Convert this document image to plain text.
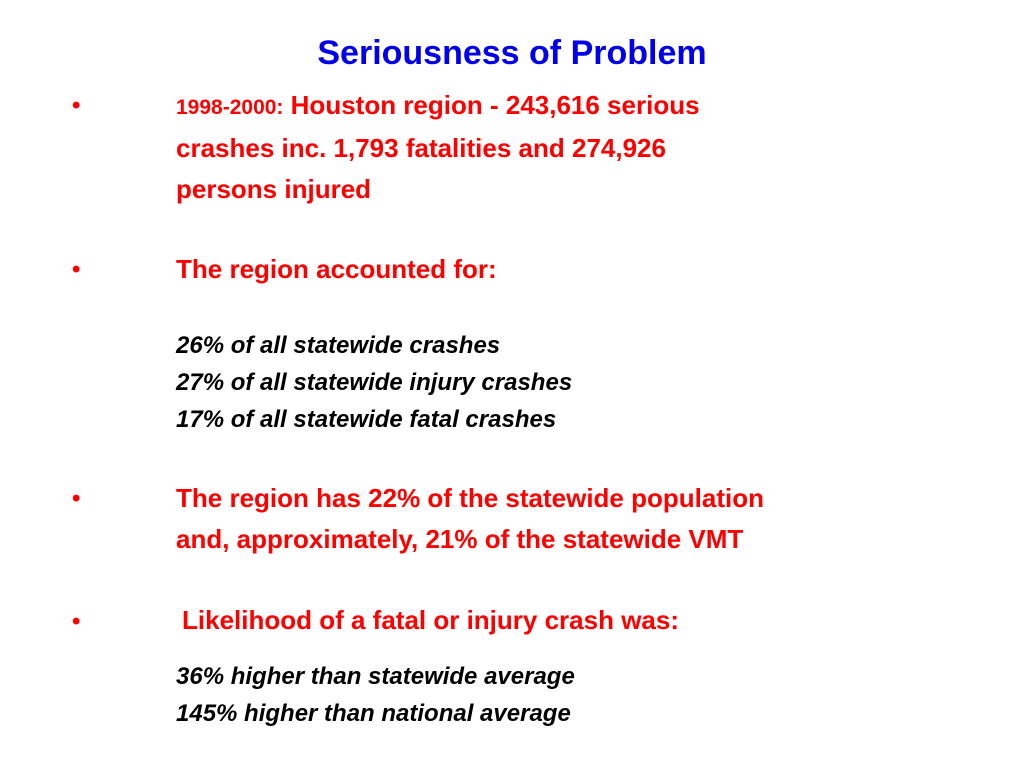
Seriousness of Problem
•	1998-2000: Houston region - 243,616 serious
crashes inc. 1,793 fatalities and 274,926
persons injured
•	The region accounted for:
26% of all statewide crashes
27% of all statewide injury crashes
17% of all statewide fatal crashes
•	The region has 22% of the statewide population
and, approximately, 21% of the statewide VMT
•	Likelihood of a fatal or injury crash was:
36% higher than statewide average
145% higher than national average
